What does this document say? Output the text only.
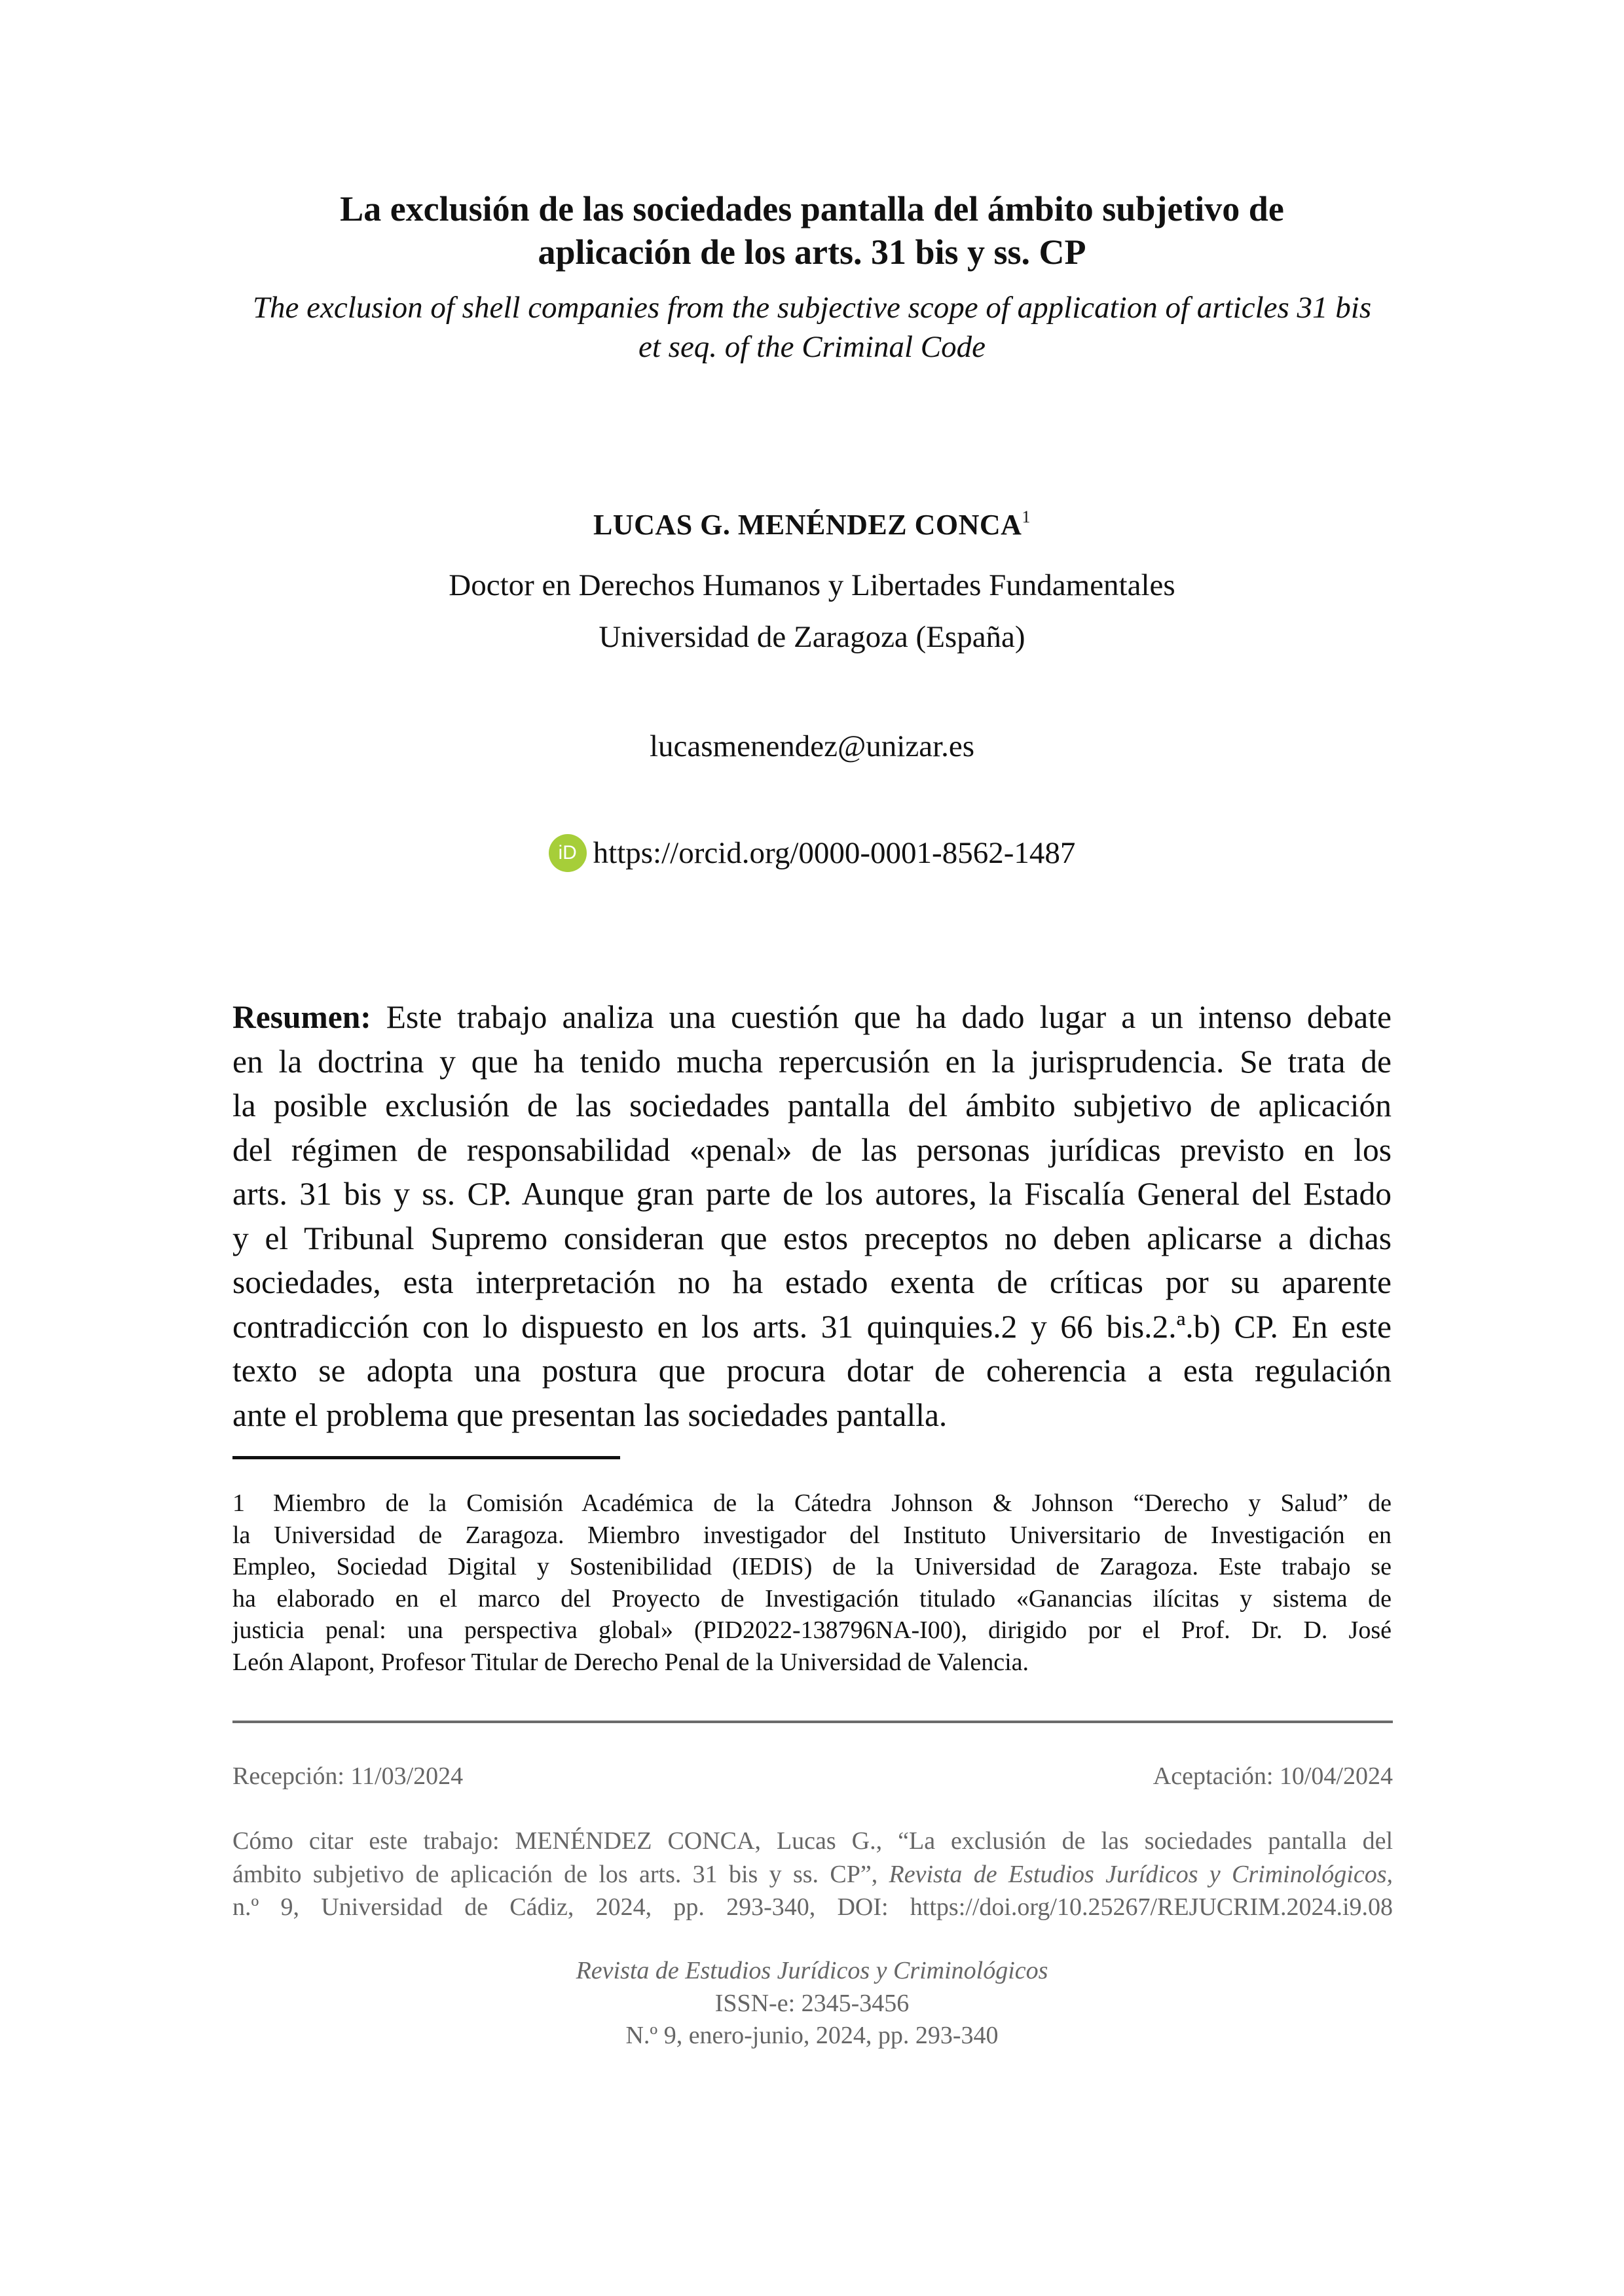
La exclusión de las sociedades pantalla del ámbito subjetivo de
aplicación de los arts. 31 bis y ss. CP
The exclusion of shell companies from the subjective scope of application of articles 31 bis
et seq. of the Criminal Code
LUCAS G. MENÉNDEZ CONCA$^1$
Doctor en Derechos Humanos y Libertades Fundamentales
Universidad de Zaragoza (España)
lucasmenendez@unizar.es
iD https://orcid.org/0000-0001-8562-1487
Resumen: Este trabajo analiza una cuestión que ha dado lugar a un intenso debate
en la doctrina y que ha tenido mucha repercusión en la jurisprudencia. Se trata de
la posible exclusión de las sociedades pantalla del ámbito subjetivo de aplicación
del régimen de responsabilidad «penal» de las personas jurídicas previsto en los
arts. 31 bis y ss. CP. Aunque gran parte de los autores, la Fiscalía General del Estado
y el Tribunal Supremo consideran que estos preceptos no deben aplicarse a dichas
sociedades, esta interpretación no ha estado exenta de críticas por su aparente
contradicción con lo dispuesto en los arts. 31 quinquies.2 y 66 bis.2.ª.b) CP. En este
texto se adopta una postura que procura dotar de coherencia a esta regulación
ante el problema que presentan las sociedades pantalla.
1 Miembro de la Comisión Académica de la Cátedra Johnson & Johnson “Derecho y Salud” de
la Universidad de Zaragoza. Miembro investigador del Instituto Universitario de Investigación en
Empleo, Sociedad Digital y Sostenibilidad (IEDIS) de la Universidad de Zaragoza. Este trabajo se
ha elaborado en el marco del Proyecto de Investigación titulado «Ganancias ilícitas y sistema de
justicia penal: una perspectiva global» (PID2022-138796NA-I00), dirigido por el Prof. Dr. D. José
León Alapont, Profesor Titular de Derecho Penal de la Universidad de Valencia.
Recepción: 11/03/2024	Aceptación: 10/04/2024
Cómo citar este trabajo: MENÉNDEZ CONCA, Lucas G., “La exclusión de las sociedades pantalla del
ámbito subjetivo de aplicación de los arts. 31 bis y ss. CP”, Revista de Estudios Jurídicos y Criminológicos,
n.º 9, Universidad de Cádiz, 2024, pp. 293-340, DOI: https://doi.org/10.25267/REJUCRIM.2024.i9.08
Revista de Estudios Jurídicos y Criminológicos
ISSN-e: 2345-3456
N.º 9, enero-junio, 2024, pp. 293-340
